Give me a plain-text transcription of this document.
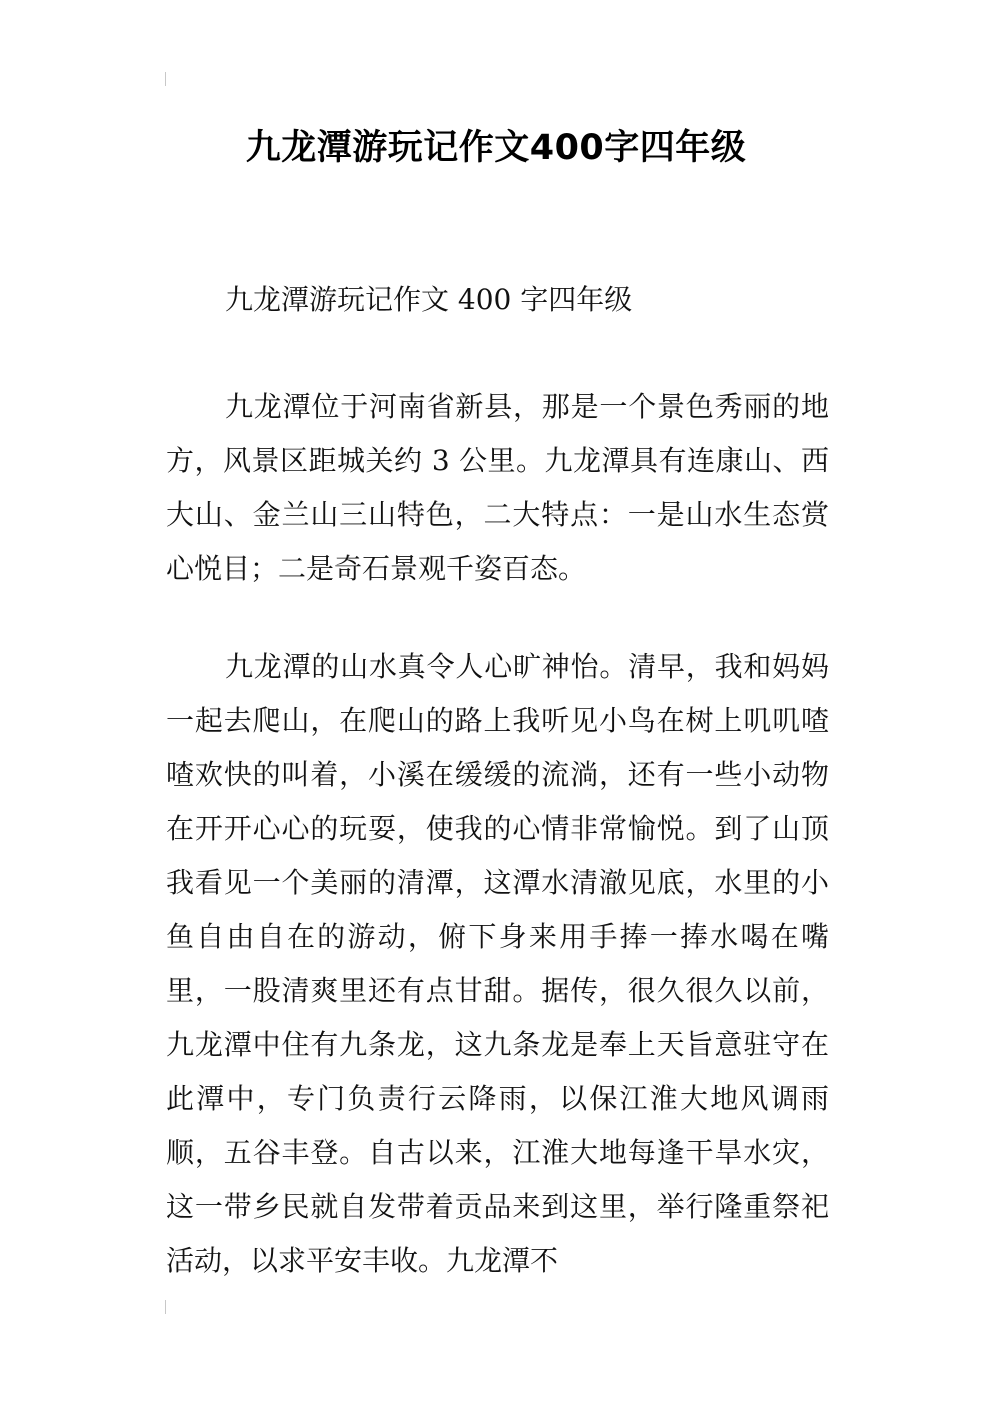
九龙潭游玩记作文400字四年级

九龙潭游玩记作文 400 字四年级

九龙潭位于河南省新县，那是一个景色秀丽的地方，风景区距城关约 3 公里。九龙潭具有连康山、西大山、金兰山三山特色，二大特点：一是山水生态赏心悦目；二是奇石景观千姿百态。

九龙潭的山水真令人心旷神怡。清早，我和妈妈一起去爬山，在爬山的路上我听见小鸟在树上叽叽喳喳欢快的叫着，小溪在缓缓的流淌，还有一些小动物在开开心心的玩耍，使我的心情非常愉悦。到了山顶我看见一个美丽的清潭，这潭水清澈见底，水里的小鱼自由自在的游动，俯下身来用手捧一捧水喝在嘴里，一股清爽里还有点甘甜。据传，很久很久以前，九龙潭中住有九条龙，这九条龙是奉上天旨意驻守在此潭中，专门负责行云降雨，以保江淮大地风调雨顺，五谷丰登。自古以来，江淮大地每逢干旱水灾，这一带乡民就自发带着贡品来到这里，举行隆重祭祀活动，以求平安丰收。九龙潭不
